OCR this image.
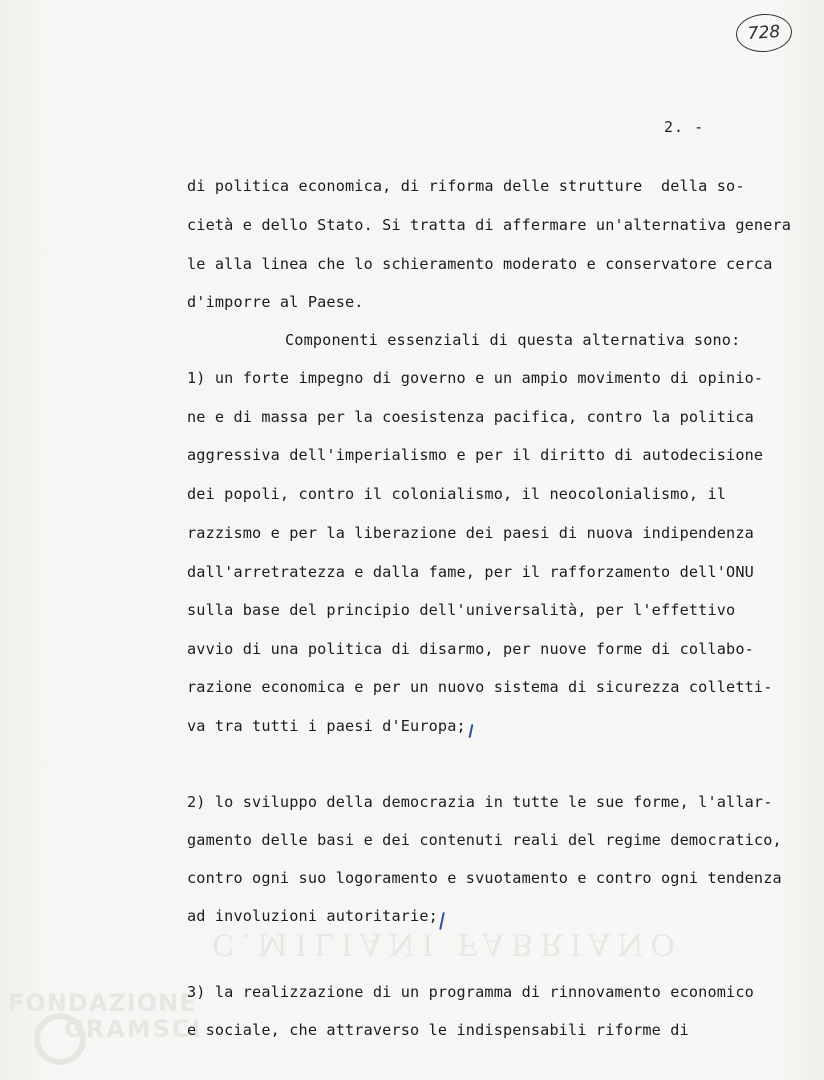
728
2. -
C.MILIANI FABRIANO
FONDAZIONE
GRAMSCI
di politica economica, di riforma delle strutture  della so-
cietà e dello Stato. Si tratta di affermare un'alternativa genera
le alla linea che lo schieramento moderato e conservatore cerca
d'imporre al Paese.
Componenti essenziali di questa alternativa sono:
1) un forte impegno di governo e un ampio movimento di opinio-
ne e di massa per la coesistenza pacifica, contro la politica
aggressiva dell'imperialismo e per il diritto di autodecisione
dei popoli, contro il colonialismo, il neocolonialismo, il
razzismo e per la liberazione dei paesi di nuova indipendenza
dall'arretratezza e dalla fame, per il rafforzamento dell'ONU
sulla base del principio dell'universalità, per l'effettivo
avvio di una politica di disarmo, per nuove forme di collabo-
razione economica e per un nuovo sistema di sicurezza colletti-
va tra tutti i paesi d'Europa;
2) lo sviluppo della democrazia in tutte le sue forme, l'allar-
gamento delle basi e dei contenuti reali del regime democratico,
contro ogni suo logoramento e svuotamento e contro ogni tendenza
ad involuzioni autoritarie;
3) la realizzazione di un programma di rinnovamento economico
e sociale, che attraverso le indispensabili riforme di
